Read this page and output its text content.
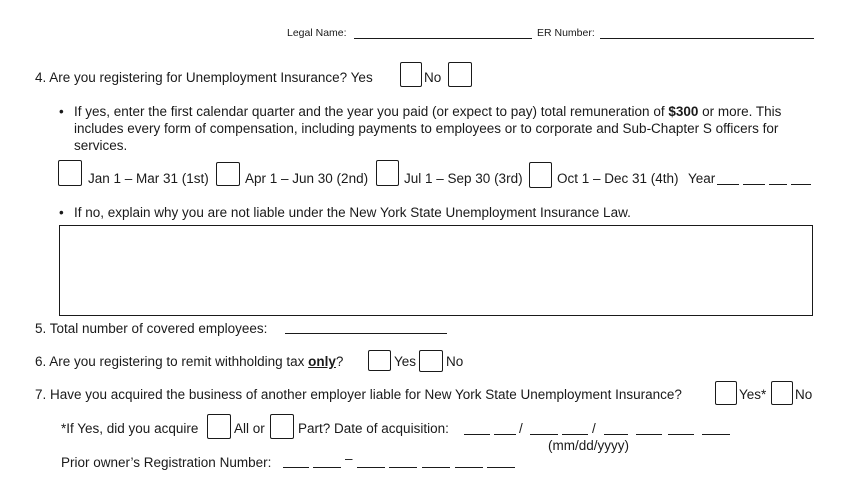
Legal Name:	ER Number:
4. Are you registering for Unemployment Insurance? Yes	No
• If yes, enter the first calendar quarter and the year you paid (or expect to pay) total remuneration of $300 or more. This
includes every form of compensation, including payments to employees or to corporate and Sub-Chapter S officers for
services.
Jan 1 – Mar 31 (1st)	Apr 1 – Jun 30 (2nd)	Jul 1 – Sep 30 (3rd)	Oct 1 – Dec 31 (4th) Year
• If no, explain why you are not liable under the New York State Unemployment Insurance Law.
5. Total number of covered employees:
6. Are you registering to remit withholding tax only?	Yes No
7. Have you acquired the business of another employer liable for New York State Unemployment Insurance?	Yes* No
*If Yes, did you acquire	All or Part? Date of acquisition:	/	/
(mm/dd/yyyy)
Prior owner’s Registration Number:	–
